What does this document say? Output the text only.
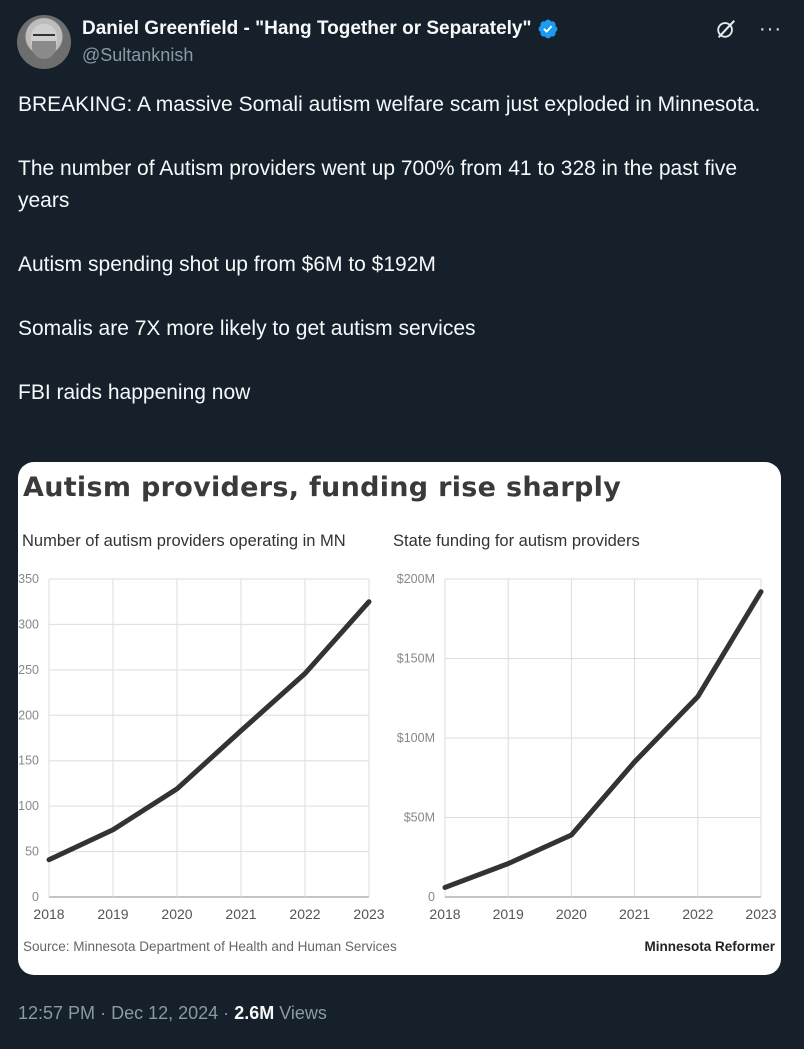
Daniel Greenfield - "Hang Together or Separately"
@Sultanknish
···

BREAKING: A massive Somali autism welfare scam just exploded in Minnesota.

The number of Autism providers went up 700% from 41 to 328 in the past five years

Autism spending shot up from $6M to $192M

Somalis are 7X more likely to get autism services

FBI raids happening now

0
50
100
150
200
250
300
350
2018 2019 2020 2021 2022 2023
0
$50M
$100M
$150M
$200M
2018 2019 2020 2021 2022 2023
Autism providers, funding rise sharply
Number of autism providers operating in MN	State funding for autism providers
Source: Minnesota Department of Health and Human Services	Minnesota Reformer
12:57 PM · Dec 12, 2024 · 2.6M Views
